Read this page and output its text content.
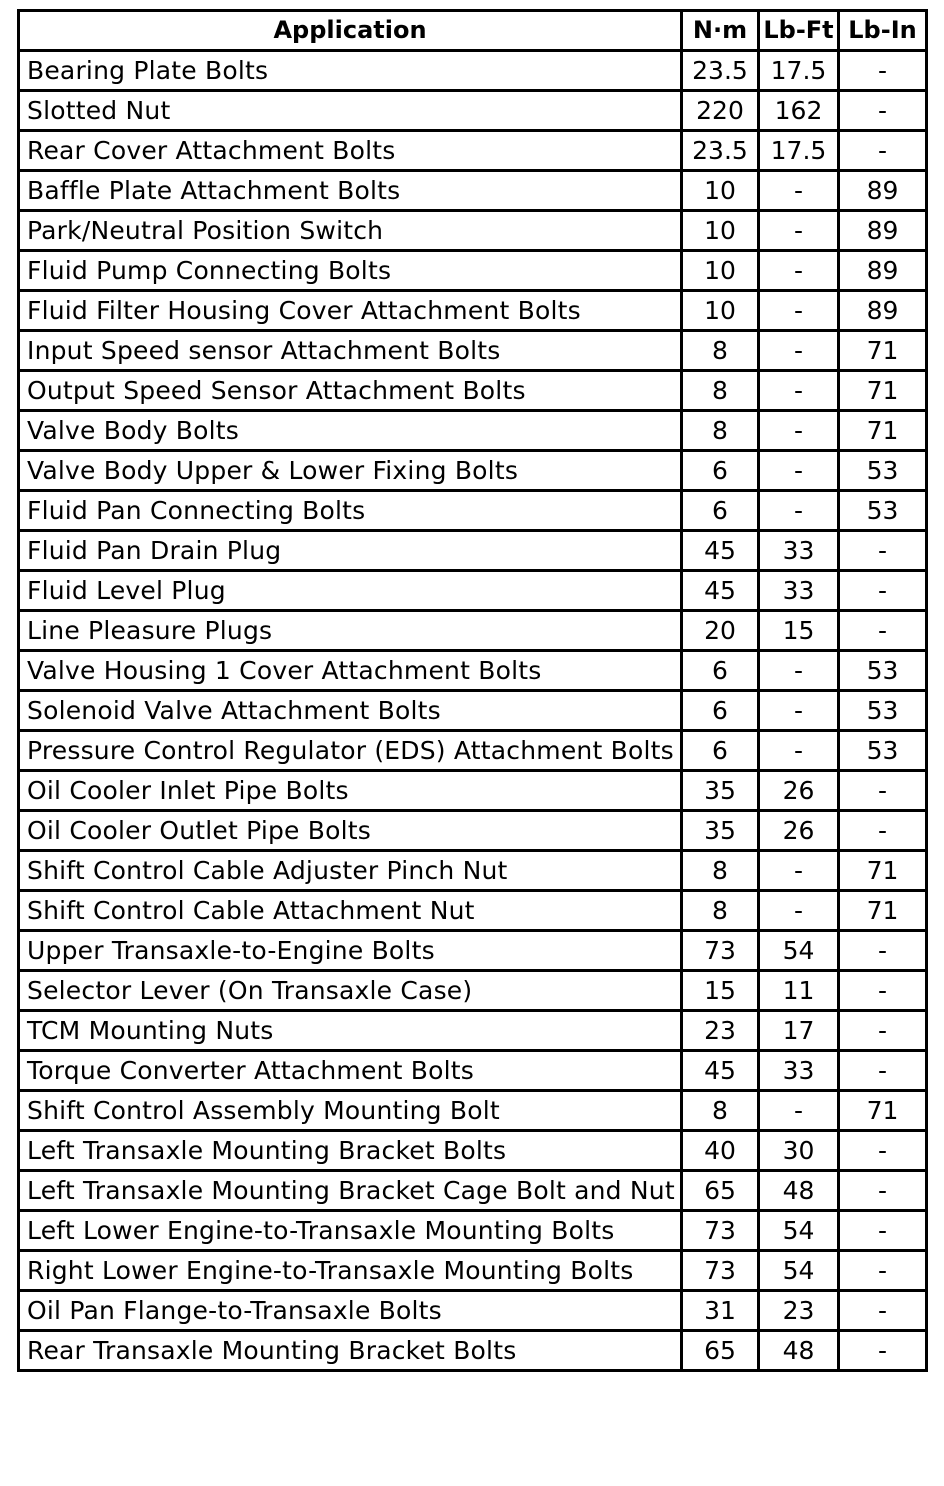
Application	N·m	Lb-Ft	Lb-In
Bearing Plate Bolts	23.5	17.5	-
Slotted Nut	220	162	-
Rear Cover Attachment Bolts	23.5	17.5	-
Baffle Plate Attachment Bolts	10	-	89
Park/Neutral Position Switch	10	-	89
Fluid Pump Connecting Bolts	10	-	89
Fluid Filter Housing Cover Attachment Bolts	10	-	89
Input Speed sensor Attachment Bolts	8	-	71
Output Speed Sensor Attachment Bolts	8	-	71
Valve Body Bolts	8	-	71
Valve Body Upper & Lower Fixing Bolts	6	-	53
Fluid Pan Connecting Bolts	6	-	53
Fluid Pan Drain Plug	45	33	-
Fluid Level Plug	45	33	-
Line Pleasure Plugs	20	15	-
Valve Housing 1 Cover Attachment Bolts	6	-	53
Solenoid Valve Attachment Bolts	6	-	53
Pressure Control Regulator (EDS) Attachment Bolts	6	-	53
Oil Cooler Inlet Pipe Bolts	35	26	-
Oil Cooler Outlet Pipe Bolts	35	26	-
Shift Control Cable Adjuster Pinch Nut	8	-	71
Shift Control Cable Attachment Nut	8	-	71
Upper Transaxle-to-Engine Bolts	73	54	-
Selector Lever (On Transaxle Case)	15	11	-
TCM Mounting Nuts	23	17	-
Torque Converter Attachment Bolts	45	33	-
Shift Control Assembly Mounting Bolt	8	-	71
Left Transaxle Mounting Bracket Bolts	40	30	-
Left Transaxle Mounting Bracket Cage Bolt and Nut	65	48	-
Left Lower Engine-to-Transaxle Mounting Bolts	73	54	-
Right Lower Engine-to-Transaxle Mounting Bolts	73	54	-
Oil Pan Flange-to-Transaxle Bolts	31	23	-
Rear Transaxle Mounting Bracket Bolts	65	48	-
